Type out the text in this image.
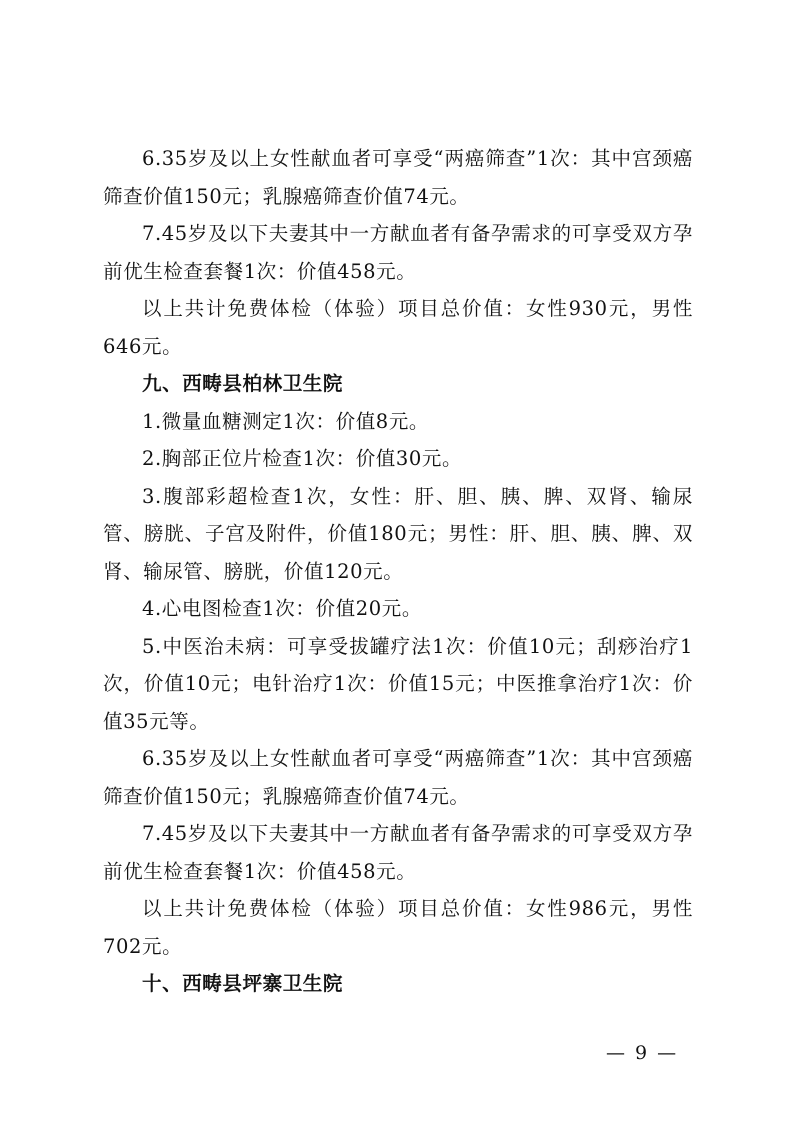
6.35岁及以上女性献血者可享受“两癌筛查”1次：其中宫颈癌筛查价值150元；乳腺癌筛查价值74元。

7.45岁及以下夫妻其中一方献血者有备孕需求的可享受双方孕前优生检查套餐1次：价值458元。

以上共计免费体检（体验）项目总价值：女性930元，男性646元。

九、西畴县柏林卫生院

1.微量血糖测定1次：价值8元。

2.胸部正位片检查1次：价值30元。

3.腹部彩超检查1次，女性：肝、胆、胰、脾、双肾、输尿管、膀胱、子宫及附件，价值180元；男性：肝、胆、胰、脾、双肾、输尿管、膀胱，价值120元。

4.心电图检查1次：价值20元。

5.中医治未病：可享受拔罐疗法1次：价值10元；刮痧治疗1次，价值10元；电针治疗1次：价值15元；中医推拿治疗1次：价值35元等。

6.35岁及以上女性献血者可享受“两癌筛查”1次：其中宫颈癌筛查价值150元；乳腺癌筛查价值74元。

7.45岁及以下夫妻其中一方献血者有备孕需求的可享受双方孕前优生检查套餐1次：价值458元。

以上共计免费体检（体验）项目总价值：女性986元，男性702元。

十、西畴县坪寨卫生院

— 9 —
